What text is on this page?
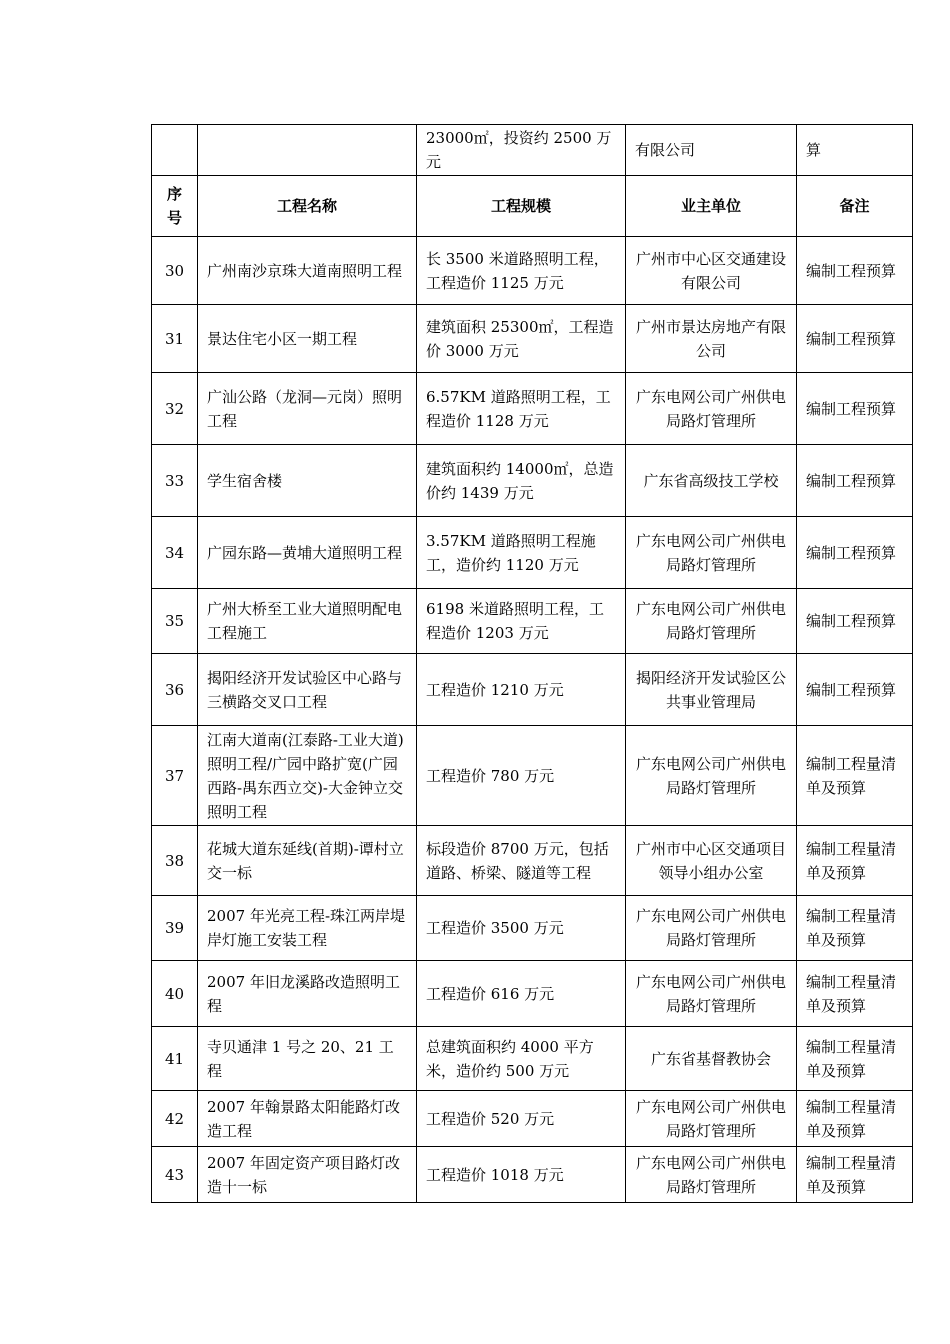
		23000㎡，投资约 2500 万元	有限公司	算

序
号	工程名称	工程规模	业主单位	备注
30	广州南沙京珠大道南照明工程	长 3500 米道路照明工程，工程造价 1125 万元	广州市中心区交通建设有限公司	编制工程预算
31	景达住宅小区一期工程	建筑面积 25300㎡，工程造价 3000 万元	广州市景达房地产有限公司	编制工程预算
32	广汕公路（龙洞—元岗）照明工程	6.57KM 道路照明工程，工程造价 1128 万元	广东电网公司广州供电局路灯管理所	编制工程预算
33	学生宿舍楼	建筑面积约 14000㎡，总造价约 1439 万元	广东省高级技工学校	编制工程预算
34	广园东路—黄埔大道照明工程	3.57KM 道路照明工程施工，造价约 1120 万元	广东电网公司广州供电局路灯管理所	编制工程预算
35	广州大桥至工业大道照明配电工程施工	6198 米道路照明工程，工程造价 1203 万元	广东电网公司广州供电局路灯管理所	编制工程预算
36	揭阳经济开发试验区中心路与三横路交叉口工程	工程造价 1210 万元	揭阳经济开发试验区公共事业管理局	编制工程预算
37	江南大道南(江泰路-工业大道)照明工程/广园中路扩宽(广园西路-禺东西立交)-大金钟立交照明工程	工程造价 780 万元	广东电网公司广州供电局路灯管理所	编制工程量清单及预算
38	花城大道东延线(首期)-谭村立交一标	标段造价 8700 万元，包括道路、桥梁、隧道等工程	广州市中心区交通项目领导小组办公室	编制工程量清单及预算
39	2007 年光亮工程-珠江两岸堤岸灯施工安装工程	工程造价 3500 万元	广东电网公司广州供电局路灯管理所	编制工程量清单及预算
40	2007 年旧龙溪路改造照明工程	工程造价 616 万元	广东电网公司广州供电局路灯管理所	编制工程量清单及预算
41	寺贝通津 1 号之 20、21 工程	总建筑面积约 4000 平方米，造价约 500 万元	广东省基督教协会	编制工程量清单及预算
42	2007 年翰景路太阳能路灯改造工程	工程造价 520 万元	广东电网公司广州供电局路灯管理所	编制工程量清单及预算
43	2007 年固定资产项目路灯改造十一标	工程造价 1018 万元	广东电网公司广州供电局路灯管理所	编制工程量清单及预算
